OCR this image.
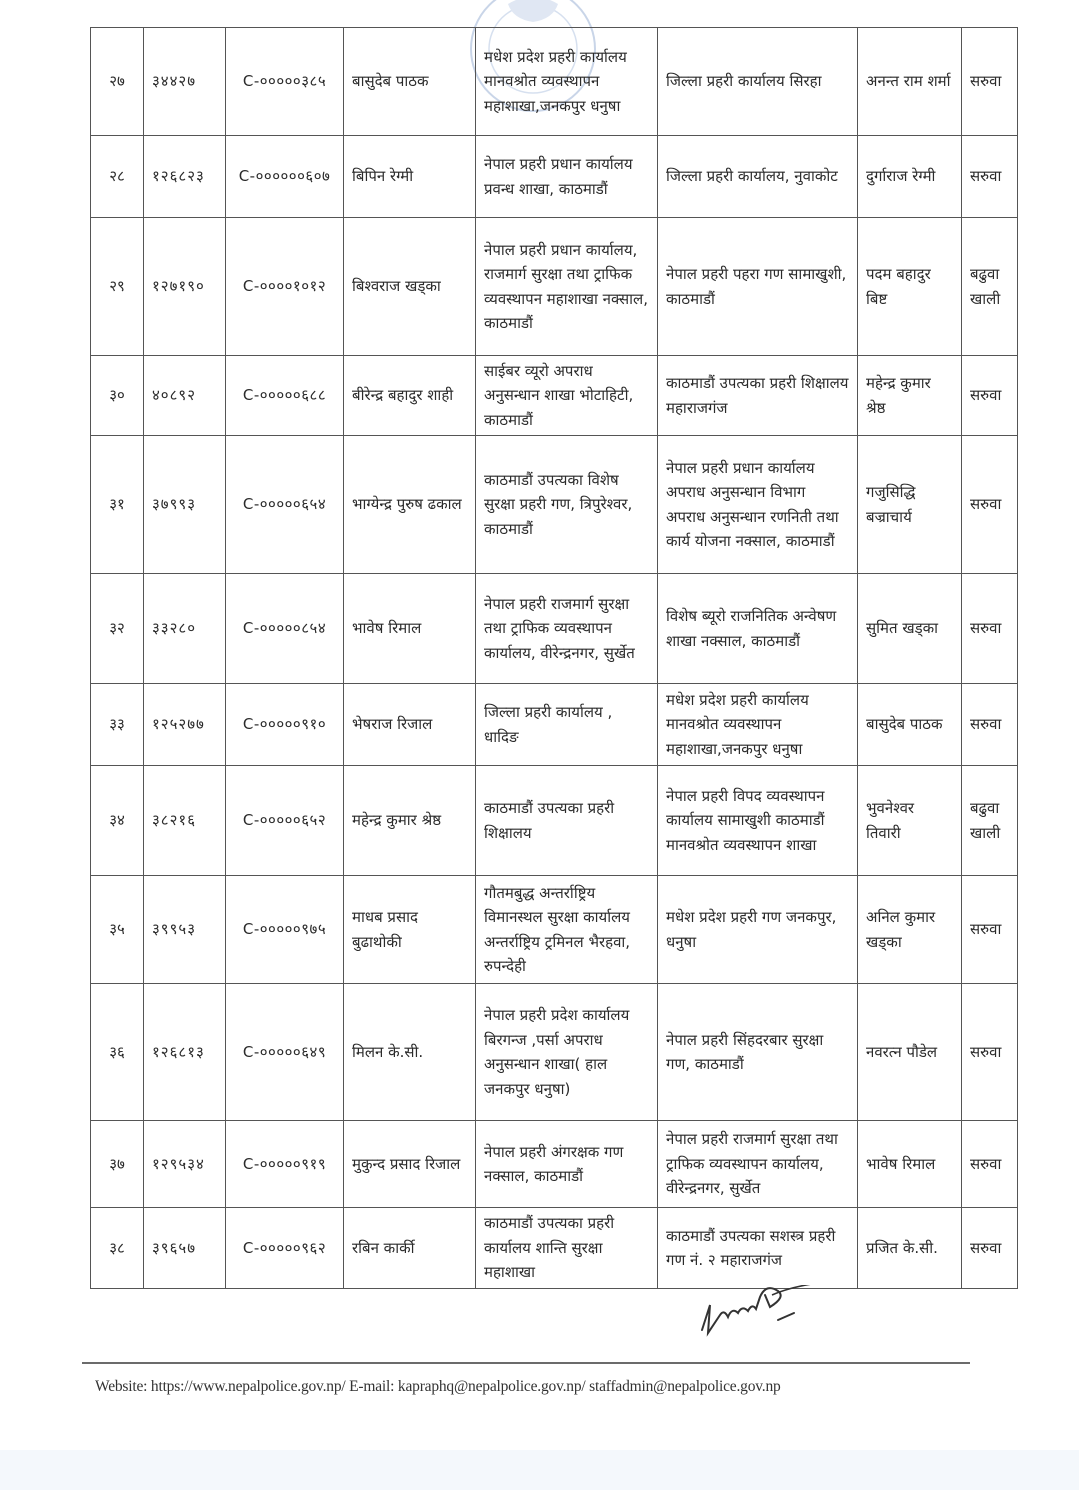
२७	३४४२७	C-०००००३८५	बासुदेब पाठक	मधेश प्रदेश प्रहरी कार्यालय मानवश्रोत व्यवस्थापन महाशाखा,जनकपुर धनुषा	जिल्ला प्रहरी कार्यालय सिरहा	अनन्त राम शर्मा	सरुवा
२८	१२६८२३	C-००००००६०७	बिपिन रेग्मी	नेपाल प्रहरी प्रधान कार्यालय प्रवन्ध शाखा, काठमाडौं	जिल्ला प्रहरी कार्यालय, नुवाकोट	दुर्गाराज रेग्मी	सरुवा
२९	१२७१९०	C-००००१०१२	बिश्वराज खड्का	नेपाल प्रहरी प्रधान कार्यालय, राजमार्ग सुरक्षा तथा ट्राफिक व्यवस्थापन महाशाखा नक्साल, काठमाडौं	नेपाल प्रहरी पहरा गण सामाखुशी, काठमाडौं	पदम बहादुर बिष्ट	बढुवा खाली
३०	४०८९२	C-०००००६८८	बीरेन्द्र बहादुर शाही	साईबर व्यूरो अपराध अनुसन्धान शाखा भोटाहिटी, काठमाडौं	काठमाडौं उपत्यका प्रहरी शिक्षालय महाराजगंज	महेन्द्र कुमार श्रेष्ठ	सरुवा
३१	३७९९३	C-०००००६५४	भाग्येन्द्र पुरुष ढकाल	काठमाडौं उपत्यका विशेष सुरक्षा प्रहरी गण, त्रिपुरेश्वर, काठमाडौं	नेपाल प्रहरी प्रधान कार्यालय अपराध अनुसन्धान विभाग अपराध अनुसन्धान रणनिती तथा कार्य योजना नक्साल, काठमाडौं	गजुसिद्धि बज्राचार्य	सरुवा
३२	३३२८०	C-०००००८५४	भावेष रिमाल	नेपाल प्रहरी राजमार्ग सुरक्षा तथा ट्राफिक व्यवस्थापन कार्यालय, वीरेन्द्रनगर, सुर्खेत	विशेष ब्यूरो राजनितिक अन्वेषण शाखा नक्साल, काठमाडौं	सुमित खड्का	सरुवा
३३	१२५२७७	C-०००००९१०	भेषराज रिजाल	जिल्ला प्रहरी कार्यालय , धादिङ	मधेश प्रदेश प्रहरी कार्यालय मानवश्रोत व्यवस्थापन महाशाखा,जनकपुर धनुषा	बासुदेब पाठक	सरुवा
३४	३८२१६	C-०००००६५२	महेन्द्र कुमार श्रेष्ठ	काठमाडौं उपत्यका प्रहरी शिक्षालय	नेपाल प्रहरी विपद व्यवस्थापन कार्यालय सामाखुशी काठमाडौं मानवश्रोत व्यवस्थापन शाखा	भुवनेश्वर तिवारी	बढुवा खाली
३५	३९९५३	C-०००००९७५	माधब प्रसाद बुढाथोकी	गौतमबुद्ध अन्तर्राष्ट्रिय विमानस्थल सुरक्षा कार्यालय अन्तर्राष्ट्रिय ट्रमिनल भैरहवा, रुपन्देही	मधेश प्रदेश प्रहरी गण जनकपुर, धनुषा	अनिल कुमार खड्का	सरुवा
३६	१२६८१३	C-०००००६४९	मिलन के.सी.	नेपाल प्रहरी प्रदेश कार्यालय बिरगन्ज ,पर्सा अपराध अनुसन्धान शाखा( हाल जनकपुर धनुषा)	नेपाल प्रहरी सिंहदरबार सुरक्षा गण, काठमाडौं	नवरत्न पौडेल	सरुवा
३७	१२९५३४	C-०००००९१९	मुकुन्द प्रसाद रिजाल	नेपाल प्रहरी अंगरक्षक गण नक्साल, काठमाडौं	नेपाल प्रहरी राजमार्ग सुरक्षा तथा ट्राफिक व्यवस्थापन कार्यालय, वीरेन्द्रनगर, सुर्खेत	भावेष रिमाल	सरुवा
३८	३९६५७	C-०००००९६२	रबिन कार्की	काठमाडौं उपत्यका प्रहरी कार्यालय शान्ति सुरक्षा महाशाखा	काठमाडौं उपत्यका सशस्त्र प्रहरी गण नं. २ महाराजगंज	प्रजित के.सी.	सरुवा
Website: https://www.nepalpolice.gov.np/ E-mail: kapraphq@nepalpolice.gov.np/ staffadmin@nepalpolice.gov.np
